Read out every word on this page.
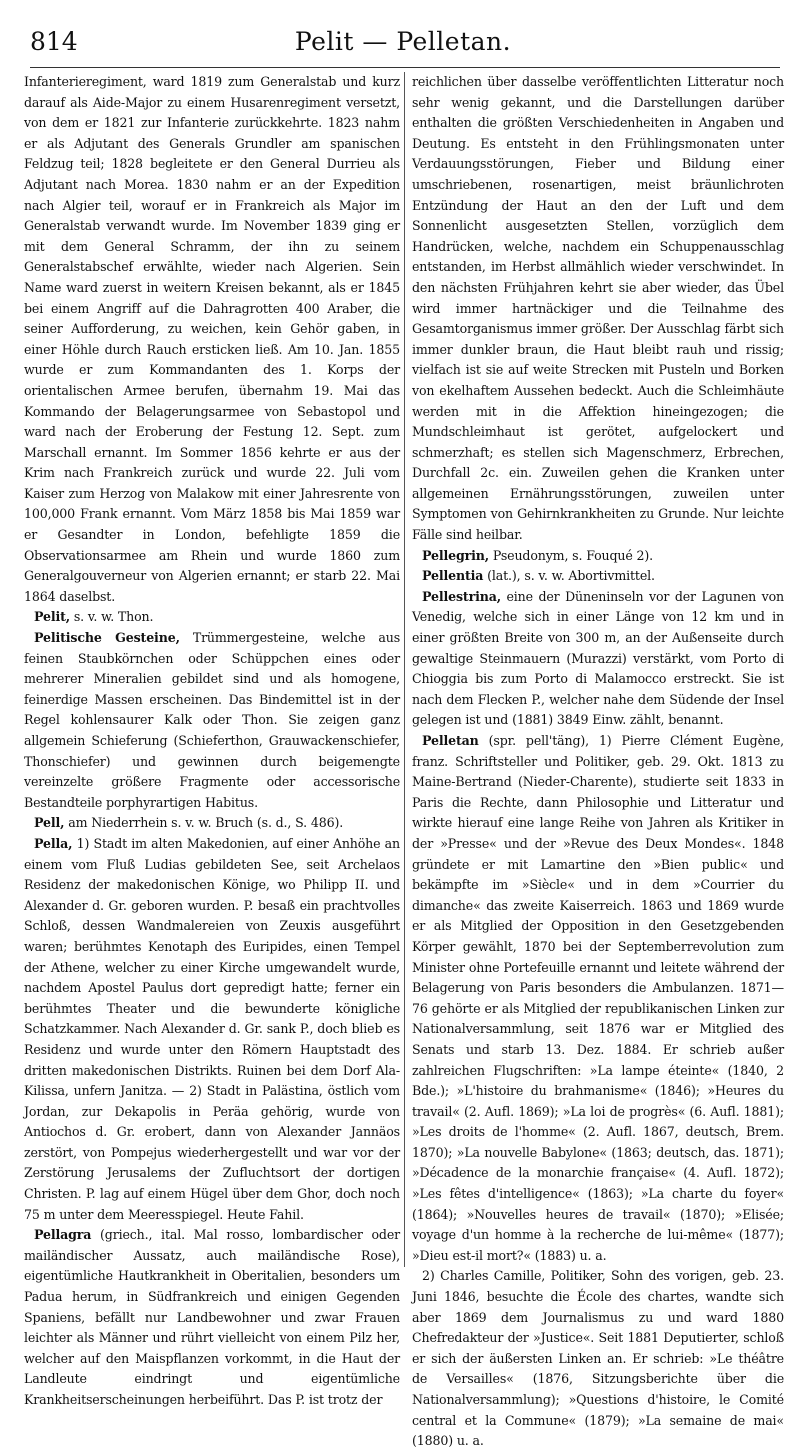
814	Pelit — Pelletan.

Infanterieregiment, ward 1819 zum Generalstab und kurz darauf als Aide-Major zu einem Husarenregiment versetzt, von dem er 1821 zur Infanterie zurückkehrte. 1823 nahm er als Adjutant des Generals Grundler am spanischen Feldzug teil; 1828 begleitete er den General Durrieu als Adjutant nach Morea. 1830 nahm er an der Expedition nach Algier teil, worauf er in Frankreich als Major im Generalstab verwandt wurde. Im November 1839 ging er mit dem General Schramm, der ihn zu seinem Generalstabschef erwählte, wieder nach Algerien. Sein Name ward zuerst in weitern Kreisen bekannt, als er 1845 bei einem Angriff auf die Dahragrotten 400 Araber, die seiner Aufforderung, zu weichen, kein Gehör gaben, in einer Höhle durch Rauch ersticken ließ. Am 10. Jan. 1855 wurde er zum Kommandanten des 1. Korps der orientalischen Armee berufen, übernahm 19. Mai das Kommando der Belagerungsarmee von Sebastopol und ward nach der Eroberung der Festung 12. Sept. zum Marschall ernannt. Im Sommer 1856 kehrte er aus der Krim nach Frankreich zurück und wurde 22. Juli vom Kaiser zum Herzog von Malakow mit einer Jahresrente von 100,000 Frank ernannt. Vom März 1858 bis Mai 1859 war er Gesandter in London, befehligte 1859 die Observationsarmee am Rhein und wurde 1860 zum Generalgouverneur von Algerien ernannt; er starb 22. Mai 1864 daselbst.

Pelit, s. v. w. Thon.

Pelitische Gesteine, Trümmergesteine, welche aus feinen Staubkörnchen oder Schüppchen eines oder mehrerer Mineralien gebildet sind und als homogene, feinerdige Massen erscheinen. Das Bindemittel ist in der Regel kohlensaurer Kalk oder Thon. Sie zeigen ganz allgemein Schieferung (Schieferthon, Grauwackenschiefer, Thonschiefer) und gewinnen durch beigemengte vereinzelte größere Fragmente oder accessorische Bestandteile porphyrartigen Habitus.

Pell, am Niederrhein s. v. w. Bruch (s. d., S. 486).

Pella, 1) Stadt im alten Makedonien, auf einer Anhöhe an einem vom Fluß Ludias gebildeten See, seit Archelaos Residenz der makedonischen Könige, wo Philipp II. und Alexander d. Gr. geboren wurden. P. besaß ein prachtvolles Schloß, dessen Wandmalereien von Zeuxis ausgeführt waren; berühmtes Kenotaph des Euripides, einen Tempel der Athene, welcher zu einer Kirche umgewandelt wurde, nachdem Apostel Paulus dort gepredigt hatte; ferner ein berühmtes Theater und die bewunderte königliche Schatzkammer. Nach Alexander d. Gr. sank P., doch blieb es Residenz und wurde unter den Römern Hauptstadt des dritten makedonischen Distrikts. Ruinen bei dem Dorf Ala-Kilissa, unfern Janitza. — 2) Stadt in Palästina, östlich vom Jordan, zur Dekapolis in Peräa gehörig, wurde von Antiochos d. Gr. erobert, dann von Alexander Jannäos zerstört, von Pompejus wiederhergestellt und war vor der Zerstörung Jerusalems der Zufluchtsort der dortigen Christen. P. lag auf einem Hügel über dem Ghor, doch noch 75 m unter dem Meeresspiegel. Heute Fahil.

Pellagra (griech., ital. Mal rosso, lombardischer oder mailändischer Aussatz, auch mailändische Rose), eigentümliche Hautkrankheit in Oberitalien, besonders um Padua herum, in Südfrankreich und einigen Gegenden Spaniens, befällt nur Landbewohner und zwar Frauen leichter als Männer und rührt vielleicht von einem Pilz her, welcher auf den Maispflanzen vorkommt, in die Haut der Landleute eindringt und eigentümliche Krankheitserscheinungen herbeiführt. Das P. ist trotz der

reichlichen über dasselbe veröffentlichten Litteratur noch sehr wenig gekannt, und die Darstellungen darüber enthalten die größten Verschiedenheiten in Angaben und Deutung. Es entsteht in den Frühlingsmonaten unter Verdauungsstörungen, Fieber und Bildung einer umschriebenen, rosenartigen, meist bräunlichroten Entzündung der Haut an den der Luft und dem Sonnenlicht ausgesetzten Stellen, vorzüglich dem Handrücken, welche, nachdem ein Schuppenausschlag entstanden, im Herbst allmählich wieder verschwindet. In den nächsten Frühjahren kehrt sie aber wieder, das Übel wird immer hartnäckiger und die Teilnahme des Gesamtorganismus immer größer. Der Ausschlag färbt sich immer dunkler braun, die Haut bleibt rauh und rissig; vielfach ist sie auf weite Strecken mit Pusteln und Borken von ekelhaftem Aussehen bedeckt. Auch die Schleimhäute werden mit in die Affektion hineingezogen; die Mundschleimhaut ist gerötet, aufgelockert und schmerzhaft; es stellen sich Magenschmerz, Erbrechen, Durchfall 2c. ein. Zuweilen gehen die Kranken unter allgemeinen Ernährungsstörungen, zuweilen unter Symptomen von Gehirnkrankheiten zu Grunde. Nur leichte Fälle sind heilbar.

Pellegrin, Pseudonym, s. Fouqué 2).

Pellentia (lat.), s. v. w. Abortivmittel.

Pellestrina, eine der Düneninseln vor der Lagunen von Venedig, welche sich in einer Länge von 12 km und in einer größten Breite von 300 m, an der Außenseite durch gewaltige Steinmauern (Murazzi) verstärkt, vom Porto di Chioggia bis zum Porto di Malamocco erstreckt. Sie ist nach dem Flecken P., welcher nahe dem Südende der Insel gelegen ist und (1881) 3849 Einw. zählt, benannt.

Pelletan (spr. pell'täng), 1) Pierre Clément Eugène, franz. Schriftsteller und Politiker, geb. 29. Okt. 1813 zu Maine-Bertrand (Nieder-Charente), studierte seit 1833 in Paris die Rechte, dann Philosophie und Litteratur und wirkte hierauf eine lange Reihe von Jahren als Kritiker in der »Presse« und der »Revue des Deux Mondes«. 1848 gründete er mit Lamartine den »Bien public« und bekämpfte im »Siècle« und in dem »Courrier du dimanche« das zweite Kaiserreich. 1863 und 1869 wurde er als Mitglied der Opposition in den Gesetzgebenden Körper gewählt, 1870 bei der Septemberrevolution zum Minister ohne Portefeuille ernannt und leitete während der Belagerung von Paris besonders die Ambulanzen. 1871—76 gehörte er als Mitglied der republikanischen Linken zur Nationalversammlung, seit 1876 war er Mitglied des Senats und starb 13. Dez. 1884. Er schrieb außer zahlreichen Flugschriften: »La lampe éteinte« (1840, 2 Bde.); »L'histoire du brahmanisme« (1846); »Heures du travail« (2. Aufl. 1869); »La loi de progrès« (6. Aufl. 1881); »Les droits de l'homme« (2. Aufl. 1867, deutsch, Brem. 1870); »La nouvelle Babylone« (1863; deutsch, das. 1871); »Décadence de la monarchie française« (4. Aufl. 1872); »Les fêtes d'intelligence« (1863); »La charte du foyer« (1864); »Nouvelles heures de travail« (1870); »Elisée; voyage d'un homme à la recherche de lui-même« (1877); »Dieu est-il mort?« (1883) u. a.

2) Charles Camille, Politiker, Sohn des vorigen, geb. 23. Juni 1846, besuchte die École des chartes, wandte sich aber 1869 dem Journalismus zu und ward 1880 Chefredakteur der »Justice«. Seit 1881 Deputierter, schloß er sich der äußersten Linken an. Er schrieb: »Le théâtre de Versailles« (1876, Sitzungsberichte über die Nationalversammlung); »Questions d'histoire, le Comité central et la Commune« (1879); »La semaine de mai« (1880) u. a.
